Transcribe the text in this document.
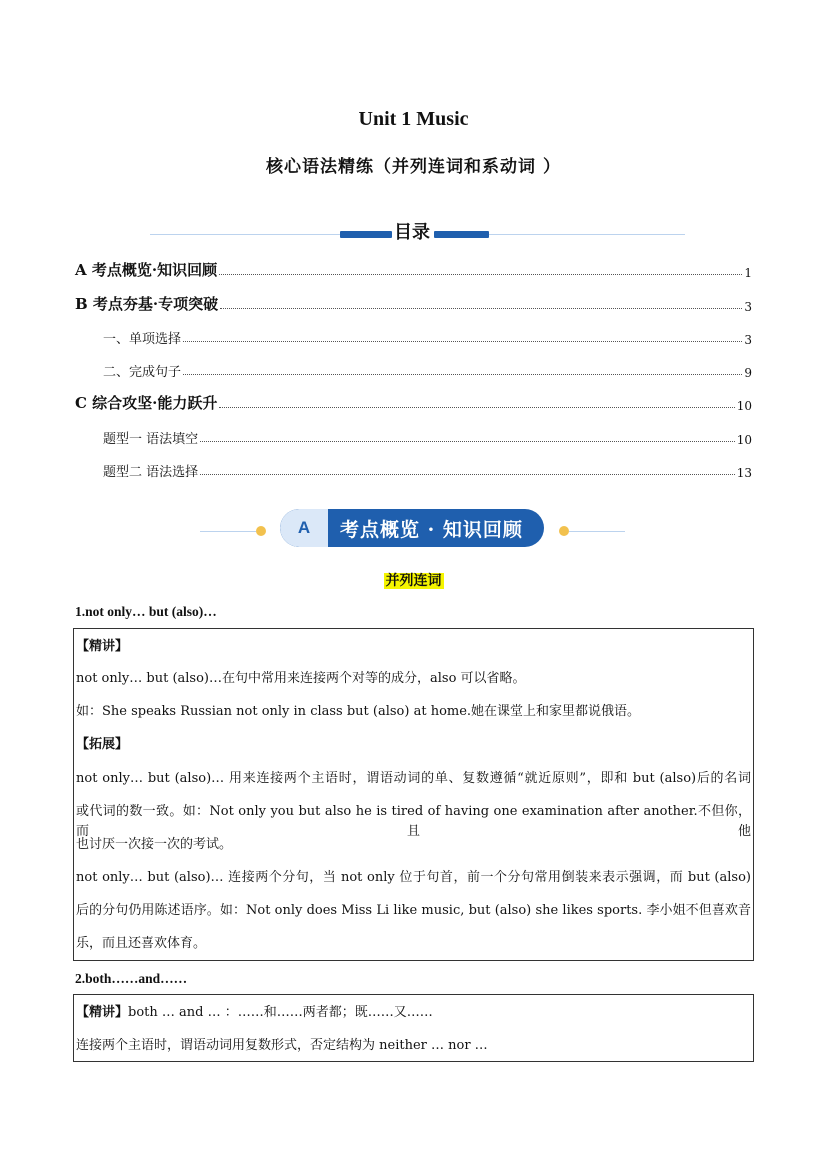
Unit 1 Music
核心语法精练（并列连词和系动词 ）
目录
A 考点概览·知识回顾	1
B 考点夯基·专项突破	3
一、单项选择	3
二、完成句子	9
C 综合攻坚·能力跃升	10
题型一 语法填空	10
题型二 语法选择	13
A	考点概览 · 知识回顾
并列连词
1.not only… but (also)…
【精讲】
not only… but (also)…在句中常用来连接两个对等的成分，also 可以省略。
如：She speaks Russian not only in class but (also) at home.她在课堂上和家里都说俄语。
【拓展】
not only… but (also)… 用来连接两个主语时，谓语动词的单、复数遵循“就近原则”，即和 but (also)后的名词
或代词的数一致。如：Not only you but also he is tired of having one examination after another.不但你，而且他
也讨厌一次接一次的考试。
not only… but (also)… 连接两个分句，当 not only 位于句首，前一个分句常用倒装来表示强调，而 but (also)
后的分句仍用陈述语序。如：Not only does Miss Li like music, but (also) she likes sports. 李小姐不但喜欢音
乐，而且还喜欢体育。
2.both……and……
【精讲】both … and … ：……和……两者都；既……又……
连接两个主语时，谓语动词用复数形式，否定结构为 neither … nor …
